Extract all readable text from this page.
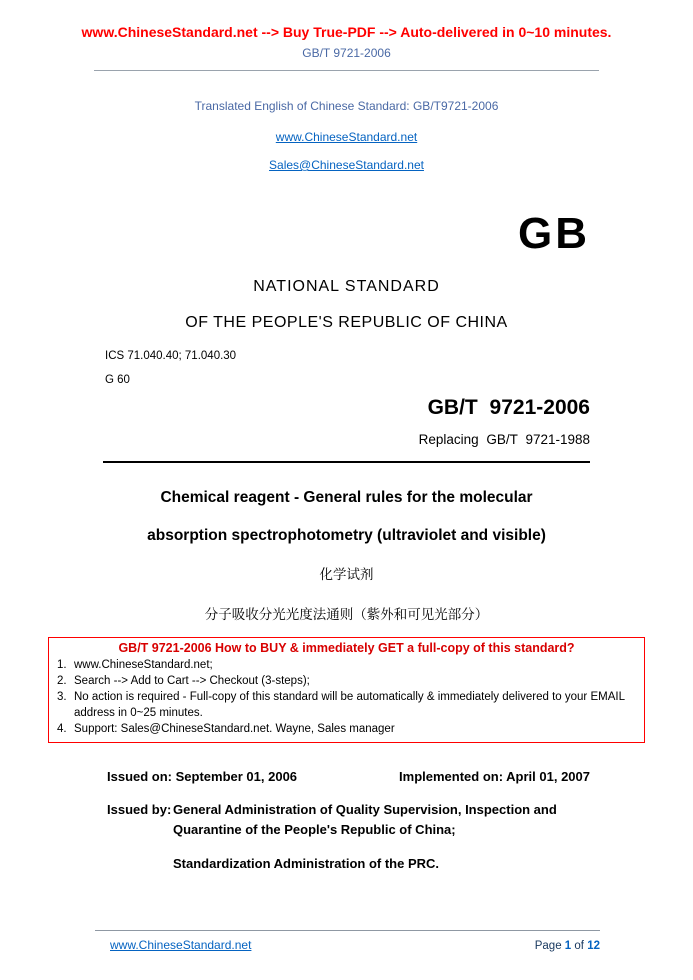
www.ChineseStandard.net --> Buy True-PDF --> Auto-delivered in 0~10 minutes.
GB/T 9721-2006
Translated English of Chinese Standard: GB/T9721-2006
www.ChineseStandard.net
Sales@ChineseStandard.net
GB
NATIONAL STANDARD
OF THE PEOPLE'S REPUBLIC OF CHINA
ICS 71.040.40; 71.040.30
G 60
GB/T 9721-2006
Replacing GB/T 9721-1988
Chemical reagent - General rules for the molecular
absorption spectrophotometry (ultraviolet and visible)
化学试剂
分子吸收分光光度法通则（紫外和可见光部分）
GB/T 9721-2006 How to BUY & immediately GET a full-copy of this standard?
1. www.ChineseStandard.net;
2. Search --> Add to Cart --> Checkout (3-steps);
3. No action is required - Full-copy of this standard will be automatically & immediately delivered to your EMAIL address in 0~25 minutes.
4. Support: Sales@ChineseStandard.net. Wayne, Sales manager
Issued on: September 01, 2006	Implemented on: April 01, 2007
Issued by: General Administration of Quality Supervision, Inspection and
Quarantine of the People's Republic of China;
Standardization Administration of the PRC.
www.ChineseStandard.net	Page 1 of 12
